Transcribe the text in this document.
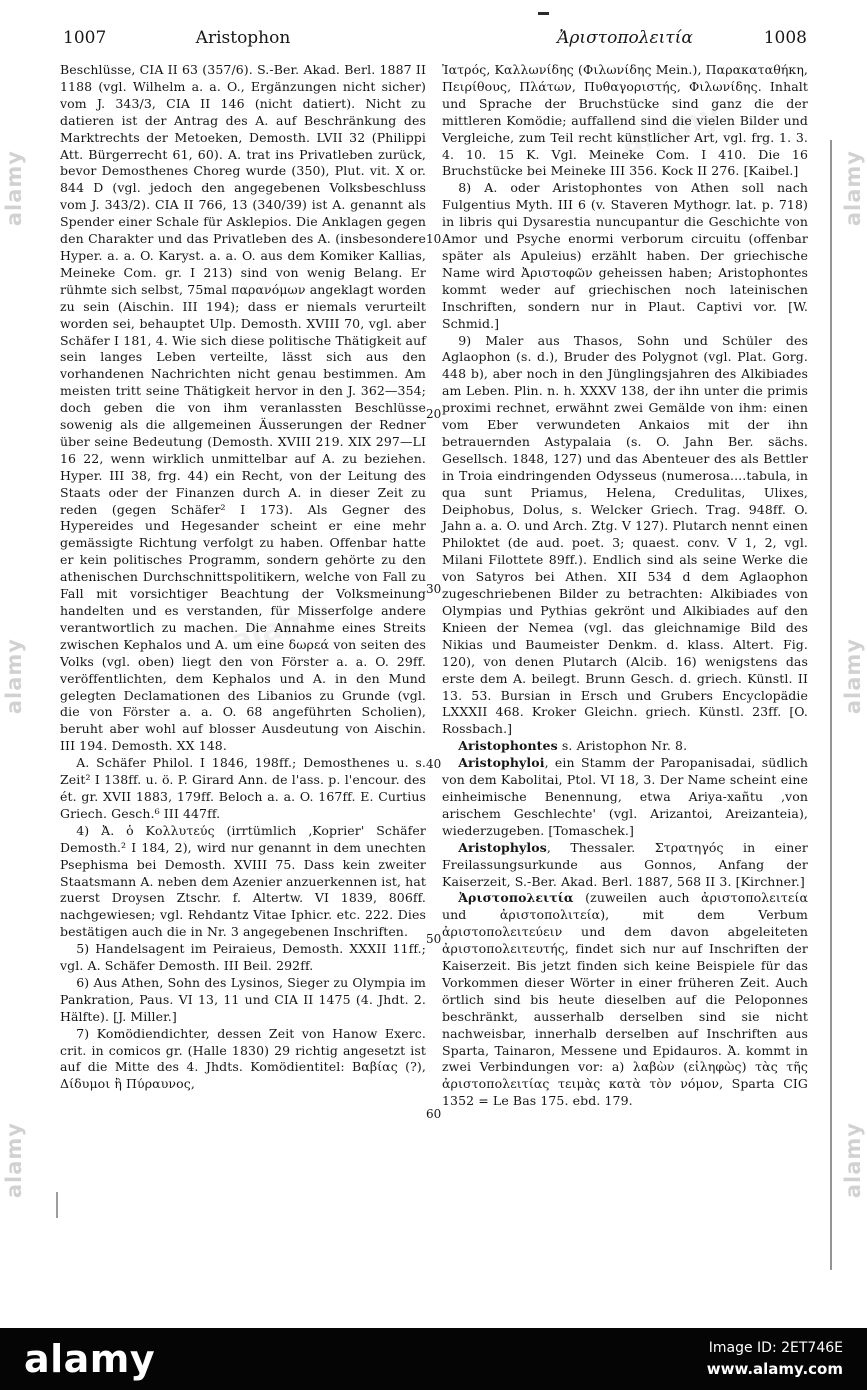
1007	Aristophon	Ἀριστοπολειτία	1008

Beschlüsse, CIA II 63 (357/6). S.-Ber. Akad. Berl. 1887 II 1188 (vgl. Wilhelm a. a. O., Ergänzungen nicht sicher) vom J. 343/3, CIA II 146 (nicht datiert). Nicht zu datieren ist der Antrag des A. auf Beschränkung des Marktrechts der Metoeken, Demosth. LVII 32 (Philippi Att. Bürgerrecht 61, 60). A. trat ins Privatleben zurück, bevor Demosthenes Choreg wurde (350), Plut. vit. X or. 844 D (vgl. jedoch den angegebenen Volksbeschluss vom J. 343/2). CIA II 766, 13 (340/39) ist A. genannt als Spender einer Schale für Asklepios. Die Anklagen gegen den Charakter und das Privatleben des A. (insbesondere Hyper. a. a. O. Karyst. a. a. O. aus dem Komiker Kallias, Meineke Com. gr. I 213) sind von wenig Belang. Er rühmte sich selbst, 75mal παρανόμων angeklagt worden zu sein (Aischin. III 194); dass er niemals verurteilt worden sei, behauptet Ulp. Demosth. XVIII 70, vgl. aber Schäfer I 181, 4. Wie sich diese politische Thätigkeit auf sein langes Leben verteilte, lässt sich aus den vorhandenen Nachrichten nicht genau bestimmen. Am meisten tritt seine Thätigkeit hervor in den J. 362—354; doch geben die von ihm veranlassten Beschlüsse sowenig als die allgemeinen Äusserungen der Redner über seine Bedeutung (Demosth. XVIII 219. XIX 297—LI 16 22, wenn wirklich unmittelbar auf A. zu beziehen. Hyper. III 38, frg. 44) ein Recht, von der Leitung des Staats oder der Finanzen durch A. in dieser Zeit zu reden (gegen Schäfer² I 173). Als Gegner des Hypereides und Hegesander scheint er eine mehr gemässigte Richtung verfolgt zu haben. Offenbar hatte er kein politisches Programm, sondern gehörte zu den athenischen Durchschnittspolitikern, welche von Fall zu Fall mit vorsichtiger Beachtung der Volksmeinung handelten und es verstanden, für Misserfolge andere verantwortlich zu machen. Die Annahme eines Streits zwischen Kephalos und A. um eine δωρεά von seiten des Volks (vgl. oben) liegt den von Förster a. a. O. 29ff. veröffentlichten, dem Kephalos und A. in den Mund gelegten Declamationen des Libanios zu Grunde (vgl. die von Förster a. a. O. 68 angeführten Scholien), beruht aber wohl auf blosser Ausdeutung von Aischin. III 194. Demosth. XX 148.

A. Schäfer Philol. I 1846, 198ff.; Demosthenes u. s. Zeit² I 138ff. u. ö. P. Girard Ann. de l'ass. p. l'encour. des ét. gr. XVII 1883, 179ff. Beloch a. a. O. 167ff. E. Curtius Griech. Gesch.⁶ III 447ff.

4) Ἀ. ὁ Κολλυτεύς (irrtümlich ‚Koprier' Schäfer Demosth.² I 184, 2), wird nur genannt in dem unechten Psephisma bei Demosth. XVIII 75. Dass kein zweiter Staatsmann A. neben dem Azenier anzuerkennen ist, hat zuerst Droysen Ztschr. f. Altertw. VI 1839, 806ff. nachgewiesen; vgl. Rehdantz Vitae Iphicr. etc. 222. Dies bestätigen auch die in Nr. 3 angegebenen Inschriften.

5) Handelsagent im Peiraieus, Demosth. XXXII 11ff.; vgl. A. Schäfer Demosth. III Beil. 292ff.

6) Aus Athen, Sohn des Lysinos, Sieger zu Olympia im Pankration, Paus. VI 13, 11 und CIA II 1475 (4. Jhdt. 2. Hälfte). [J. Miller.]

7) Komödiendichter, dessen Zeit von Hanow Exerc. crit. in comicos gr. (Halle 1830) 29 richtig angesetzt ist auf die Mitte des 4. Jhdts. Komödientitel: Βαβίας (?), Δίδυμοι ἢ Πύραυνος,

Ἰατρός, Καλλωνίδης (Φιλωνίδης Mein.), Παρακαταθήκη, Πειρίθους, Πλάτων, Πυθαγοριστής, Φιλωνίδης. Inhalt und Sprache der Bruchstücke sind ganz die der mittleren Komödie; auffallend sind die vielen Bilder und Vergleiche, zum Teil recht künstlicher Art, vgl. frg. 1. 3. 4. 10. 15 K. Vgl. Meineke Com. I 410. Die 16 Bruchstücke bei Meineke III 356. Kock II 276. [Kaibel.]

8) A. oder Aristophontes von Athen soll nach Fulgentius Myth. III 6 (v. Staveren Mythogr. lat. p. 718) in libris qui Dysarestia nuncupantur die Geschichte von Amor und Psyche enormi verborum circuitu (offenbar später als Apuleius) erzählt haben. Der griechische Name wird Ἀριστοφῶν geheissen haben; Aristophontes kommt weder auf griechischen noch lateinischen Inschriften, sondern nur in Plaut. Captivi vor. [W. Schmid.]

9) Maler aus Thasos, Sohn und Schüler des Aglaophon (s. d.), Bruder des Polygnot (vgl. Plat. Gorg. 448 b), aber noch in den Jünglingsjahren des Alkibiades am Leben. Plin. n. h. XXXV 138, der ihn unter die primis proximi rechnet, erwähnt zwei Gemälde von ihm: einen vom Eber verwundeten Ankaios mit der ihn betrauernden Astypalaia (s. O. Jahn Ber. sächs. Gesellsch. 1848, 127) und das Abenteuer des als Bettler in Troia eindringenden Odysseus (numerosa....tabula, in qua sunt Priamus, Helena, Credulitas, Ulixes, Deiphobus, Dolus, s. Welcker Griech. Trag. 948ff. O. Jahn a. a. O. und Arch. Ztg. V 127). Plutarch nennt einen Philoktet (de aud. poet. 3; quaest. conv. V 1, 2, vgl. Milani Filottete 89ff.). Endlich sind als seine Werke die von Satyros bei Athen. XII 534 d dem Aglaophon zugeschriebenen Bilder zu betrachten: Alkibiades von Olympias und Pythias gekrönt und Alkibiades auf den Knieen der Nemea (vgl. das gleichnamige Bild des Nikias und Baumeister Denkm. d. klass. Altert. Fig. 120), von denen Plutarch (Alcib. 16) wenigstens das erste dem A. beilegt. Brunn Gesch. d. griech. Künstl. II 13. 53. Bursian in Ersch und Grubers Encyclopädie LXXXII 468. Kroker Gleichn. griech. Künstl. 23ff. [O. Rossbach.]

Aristophontes s. Aristophon Nr. 8.

Aristophyloi, ein Stamm der Paropanisadai, südlich von dem Kabolitai, Ptol. VI 18, 3. Der Name scheint eine einheimische Benennung, etwa Ariya-xañtu ‚von arischem Geschlechte' (vgl. Arizantoi, Areizanteia), wiederzugeben. [Tomaschek.]

Aristophylos, Thessaler. Στρατηγός in einer Freilassungsurkunde aus Gonnos, Anfang der Kaiserzeit, S.-Ber. Akad. Berl. 1887, 568 II 3. [Kirchner.]

Ἀριστοπολειτία (zuweilen auch ἀριστοπολειτεία und ἀριστοπολιτεία), mit dem Verbum ἀριστοπολειτεύειν und dem davon abgeleiteten ἀριστοπολειτευτής, findet sich nur auf Inschriften der Kaiserzeit. Bis jetzt finden sich keine Beispiele für das Vorkommen dieser Wörter in einer früheren Zeit. Auch örtlich sind bis heute dieselben auf die Peloponnes beschränkt, ausserhalb derselben sind sie nicht nachweisbar, innerhalb derselben auf Inschriften aus Sparta, Tainaron, Messene und Epidauros. Ἀ. kommt in zwei Verbindungen vor: a) λαβὼν (εἰληφὼς) τὰς τῆς ἀριστοπολειτίας τειμὰς κατὰ τὸν νόμον, Sparta CIG 1352 = Le Bas 175. ebd. 179.

10
20
30
40
50
60
alamy
alamy
alamy
alamy
alamy
alamy
alamy
alamy
alamy	Image ID: 2ET746E
www.alamy.com
